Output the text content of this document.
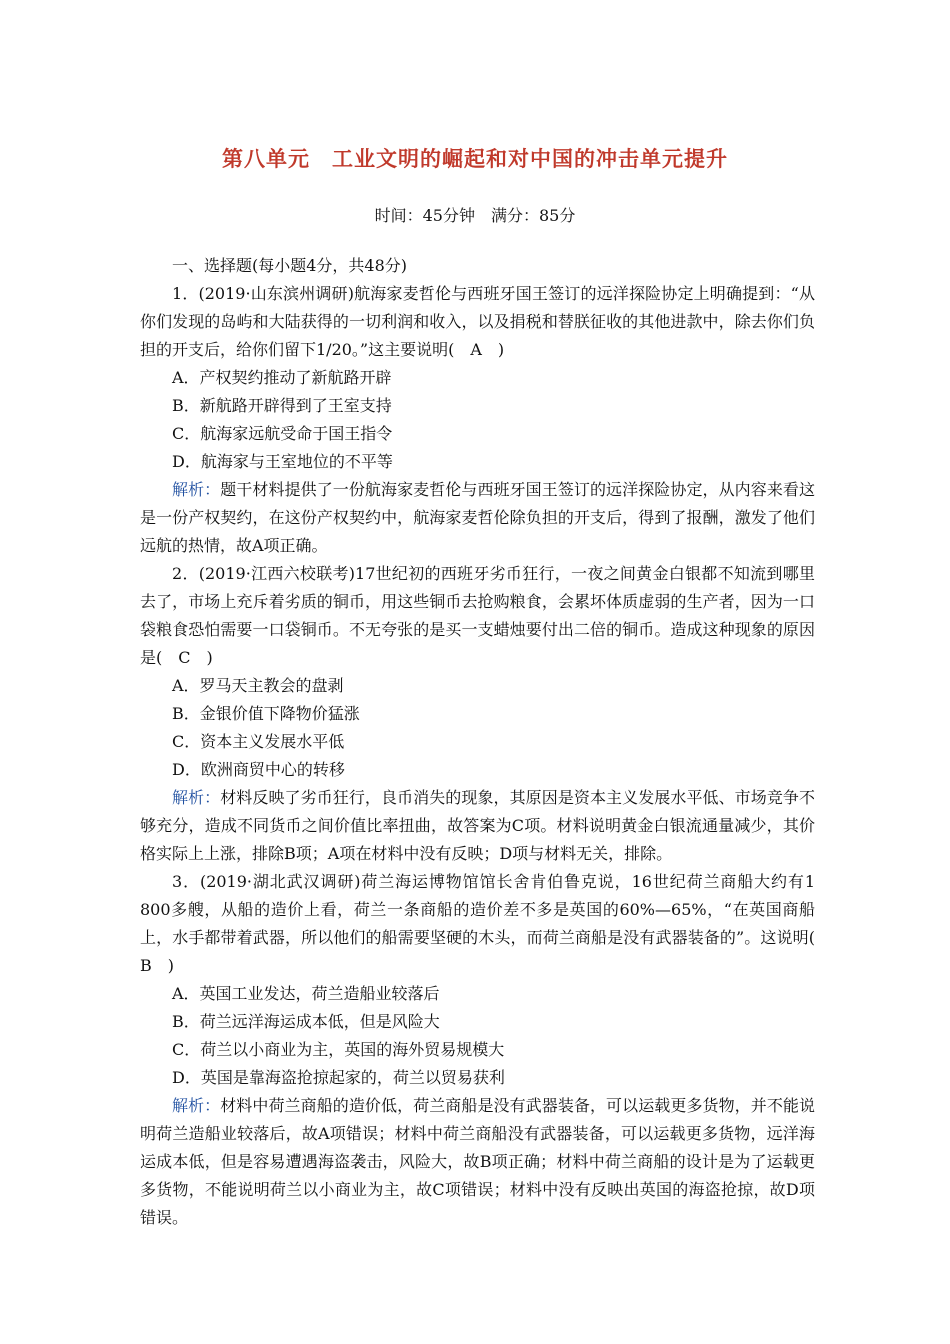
第八单元　工业文明的崛起和对中国的冲击单元提升
时间：45分钟　满分：85分

一、选择题(每小题4分，共48分)

1．(2019·山东滨州调研)航海家麦哲伦与西班牙国王签订的远洋探险协定上明确提到：“从你们发现的岛屿和大陆获得的一切利润和收入，以及捐税和替朕征收的其他进款中，除去你们负担的开支后，给你们留下1/20。”这主要说明(　A　)

A．产权契约推动了新航路开辟

B．新航路开辟得到了王室支持

C．航海家远航受命于国王指令

D．航海家与王室地位的不平等

解析：题干材料提供了一份航海家麦哲伦与西班牙国王签订的远洋探险协定，从内容来看这是一份产权契约，在这份产权契约中，航海家麦哲伦除负担的开支后，得到了报酬，激发了他们远航的热情，故A项正确。

2．(2019·江西六校联考)17世纪初的西班牙劣币狂行，一夜之间黄金白银都不知流到哪里去了，市场上充斥着劣质的铜币，用这些铜币去抢购粮食，会累坏体质虚弱的生产者，因为一口袋粮食恐怕需要一口袋铜币。不无夸张的是买一支蜡烛要付出二倍的铜币。造成这种现象的原因是(　C　)

A．罗马天主教会的盘剥

B．金银价值下降物价猛涨

C．资本主义发展水平低

D．欧洲商贸中心的转移

解析：材料反映了劣币狂行，良币消失的现象，其原因是资本主义发展水平低、市场竞争不够充分，造成不同货币之间价值比率扭曲，故答案为C项。材料说明黄金白银流通量减少，其价格实际上上涨，排除B项；A项在材料中没有反映；D项与材料无关，排除。

3．(2019·湖北武汉调研)荷兰海运博物馆馆长舍肯伯鲁克说，16世纪荷兰商船大约有1 800多艘，从船的造价上看，荷兰一条商船的造价差不多是英国的60%—65%，“在英国商船上，水手都带着武器，所以他们的船需要坚硬的木头，而荷兰商船是没有武器装备的”。这说明(　B　)

A．英国工业发达，荷兰造船业较落后

B．荷兰远洋海运成本低，但是风险大

C．荷兰以小商业为主，英国的海外贸易规模大

D．英国是靠海盗抢掠起家的，荷兰以贸易获利

解析：材料中荷兰商船的造价低，荷兰商船是没有武器装备，可以运载更多货物，并不能说明荷兰造船业较落后，故A项错误；材料中荷兰商船没有武器装备，可以运载更多货物，远洋海运成本低，但是容易遭遇海盗袭击，风险大，故B项正确；材料中荷兰商船的设计是为了运载更多货物，不能说明荷兰以小商业为主，故C项错误；材料中没有反映出英国的海盗抢掠，故D项错误。
